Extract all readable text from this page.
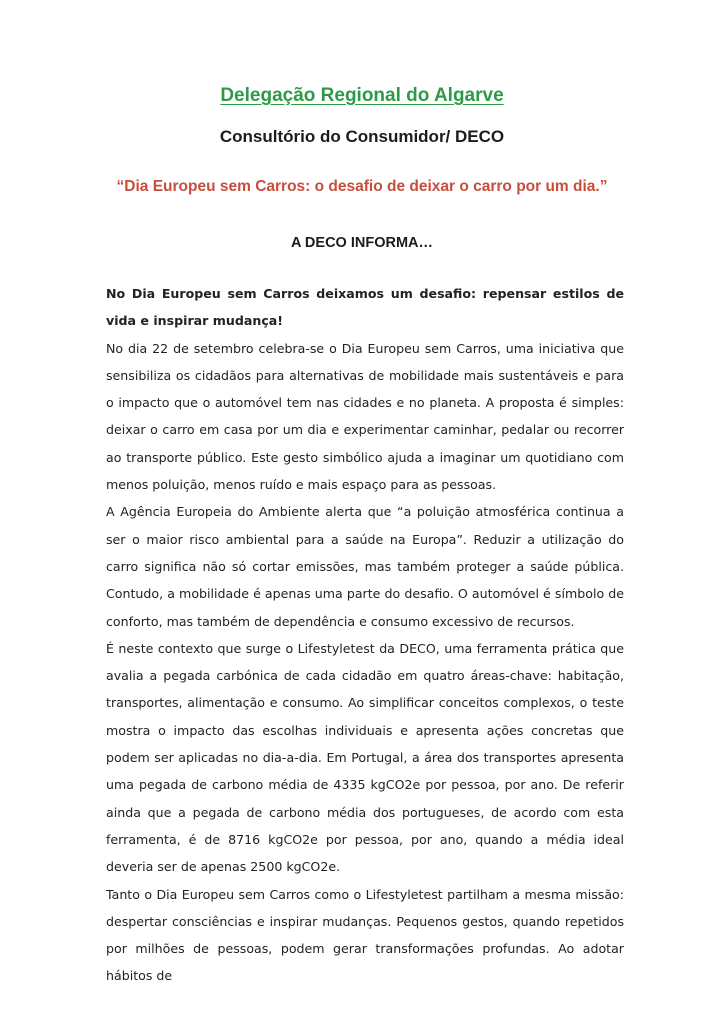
Delegação Regional do Algarve
Consultório do Consumidor/ DECO
“Dia Europeu sem Carros: o desafio de deixar o carro por um dia.”
A DECO INFORMA…

No Dia Europeu sem Carros deixamos um desafio: repensar estilos de vida e inspirar mudança!

No dia 22 de setembro celebra-se o Dia Europeu sem Carros, uma iniciativa que sensibiliza os cidadãos para alternativas de mobilidade mais sustentáveis e para o impacto que o automóvel tem nas cidades e no planeta. A proposta é simples: deixar o carro em casa por um dia e experimentar caminhar, pedalar ou recorrer ao transporte público. Este gesto simbólico ajuda a imaginar um quotidiano com menos poluição, menos ruído e mais espaço para as pessoas.

A Agência Europeia do Ambiente alerta que “a poluição atmosférica continua a ser o maior risco ambiental para a saúde na Europa”. Reduzir a utilização do carro significa não só cortar emissões, mas também proteger a saúde pública. Contudo, a mobilidade é apenas uma parte do desafio. O automóvel é símbolo de conforto, mas também de dependência e consumo excessivo de recursos.

É neste contexto que surge o Lifestyletest da DECO, uma ferramenta prática que avalia a pegada carbónica de cada cidadão em quatro áreas-chave: habitação, transportes, alimentação e consumo. Ao simplificar conceitos complexos, o teste mostra o impacto das escolhas individuais e apresenta ações concretas que podem ser aplicadas no dia-a-dia. Em Portugal, a área dos transportes apresenta uma pegada de carbono média de 4335 kgCO2e por pessoa, por ano. De referir ainda que a pegada de carbono média dos portugueses, de acordo com esta ferramenta, é de 8716 kgCO2e por pessoa, por ano, quando a média ideal deveria ser de apenas 2500 kgCO2e.

Tanto o Dia Europeu sem Carros como o Lifestyletest partilham a mesma missão: despertar consciências e inspirar mudanças. Pequenos gestos, quando repetidos por milhões de pessoas, podem gerar transformações profundas. Ao adotar hábitos de
